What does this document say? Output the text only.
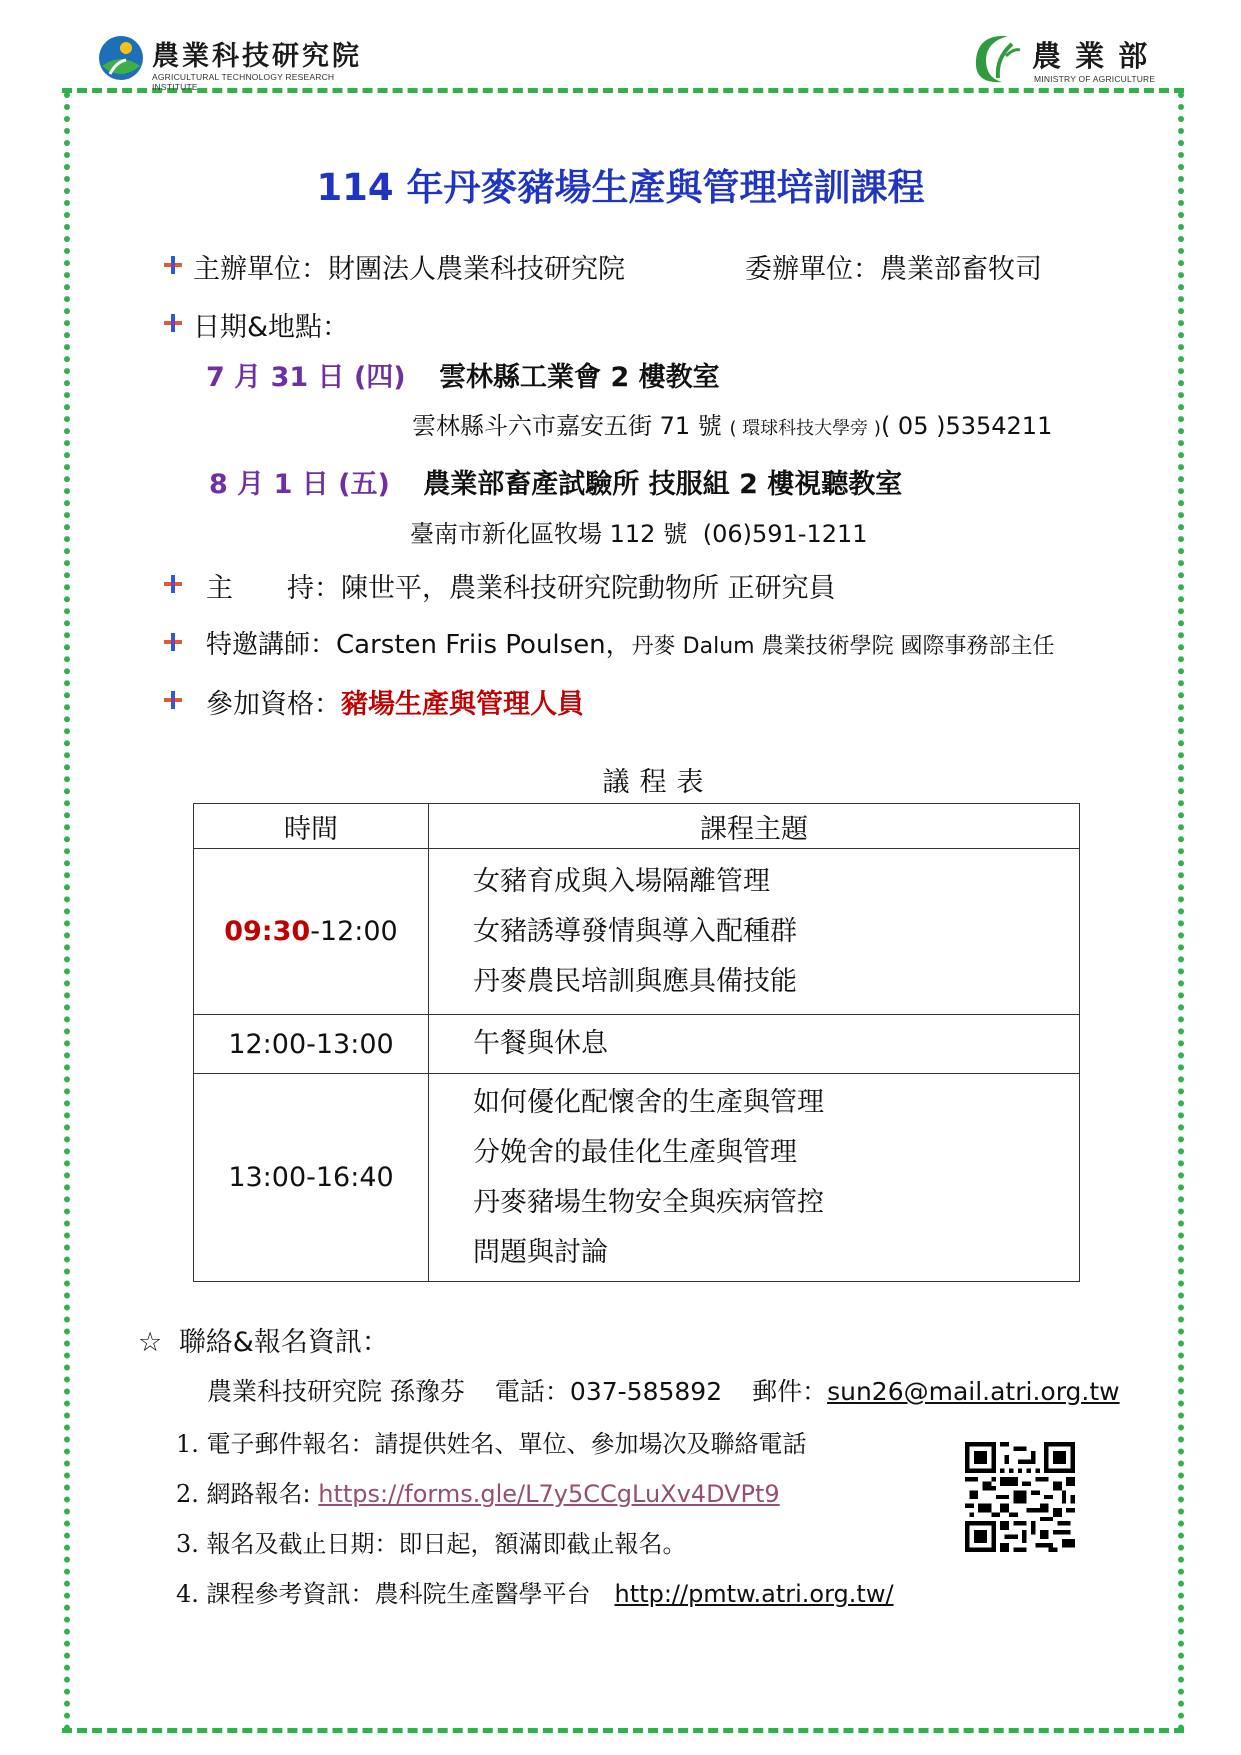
農業科技研究院
AGRICULTURAL TECHNOLOGY RESEARCH INSTITUTE
農 業 部
MINISTRY OF AGRICULTURE
114 年丹麥豬場生產與管理培訓課程
主辦單位：財團法人農業科技研究院	委辦單位：農業部畜牧司
日期&地點：
7 月 31 日 (四) 雲林縣工業會 2 樓教室
雲林縣斗六市嘉安五街 71 號 ( 環球科技大學旁 )( 05 )5354211
8 月 1 日 (五) 農業部畜產試驗所 技服組 2 樓視聽教室
臺南市新化區牧場 112 號 (06)591-1211
主　　持：陳世平，農業科技研究院動物所 正研究員
特邀講師：Carsten Friis Poulsen，丹麥 Dalum 農業技術學院 國際事務部主任
參加資格：豬場生產與管理人員
議程表
時間	課程主題
09:30-12:00	女豬育成與入場隔離管理
女豬誘導發情與導入配種群
丹麥農民培訓與應具備技能

12:00-13:00	午餐與休息

13:00-16:40	如何優化配懷舍的生產與管理
分娩舍的最佳化生產與管理
丹麥豬場生物安全與疾病管控
問題與討論
☆ 聯絡&報名資訊：
農業科技研究院 孫豫芬 電話：037-585892 郵件：sun26@mail.atri.org.tw
1. 電子郵件報名：請提供姓名、單位、參加場次及聯絡電話
2. 網路報名: https://forms.gle/L7y5CCgLuXv4DVPt9
3. 報名及截止日期：即日起，額滿即截止報名。
4. 課程參考資訊：農科院生產醫學平台　http://pmtw.atri.org.tw/
